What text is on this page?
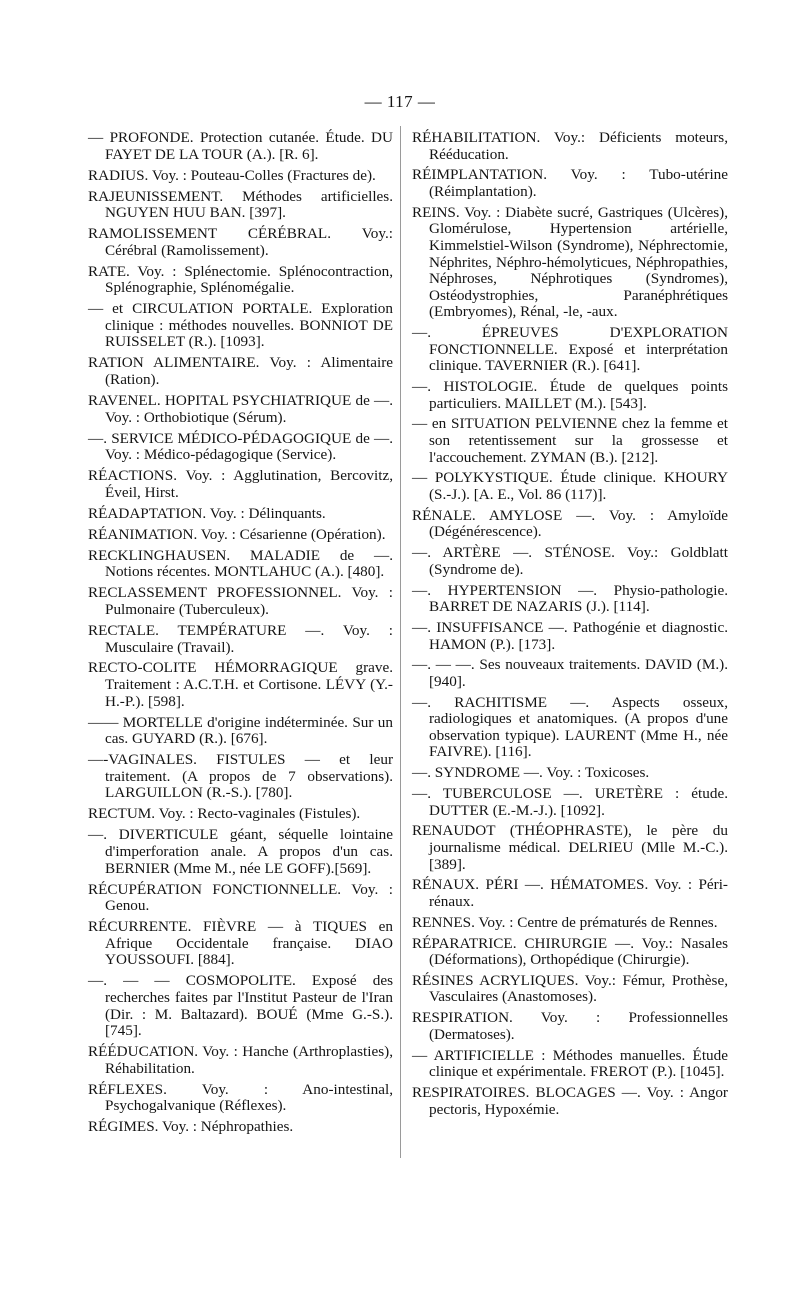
— 117 —

— PROFONDE. Protection cutanée. Étude. DU FAYET DE LA TOUR (A.). [R. 6].

RADIUS. Voy. : Pouteau-Colles (Fractures de).

RAJEUNISSEMENT. Méthodes artificielles. NGUYEN HUU BAN. [397].

RAMOLISSEMENT CÉRÉBRAL. Voy.: Cérébral (Ramolissement).

RATE. Voy. : Splénectomie. Splénocontraction, Splénographie, Splénomégalie.

— et CIRCULATION PORTALE. Exploration clinique : méthodes nouvelles. BONNIOT DE RUISSELET (R.). [1093].

RATION ALIMENTAIRE. Voy. : Alimentaire (Ration).

RAVENEL. HOPITAL PSYCHIATRIQUE de —. Voy. : Orthobiotique (Sérum).

—. SERVICE MÉDICO-PÉDAGOGIQUE de —. Voy. : Médico-pédagogique (Service).

RÉACTIONS. Voy. : Agglutination, Bercovitz, Éveil, Hirst.

RÉADAPTATION. Voy. : Délinquants.

RÉANIMATION. Voy. : Césarienne (Opération).

RECKLINGHAUSEN. MALADIE de —. Notions récentes. MONTLAHUC (A.). [480].

RECLASSEMENT PROFESSIONNEL. Voy. : Pulmonaire (Tuberculeux).

RECTALE. TEMPÉRATURE —. Voy. : Musculaire (Travail).

RECTO-COLITE HÉMORRAGIQUE grave. Traitement : A.C.T.H. et Cortisone. LÉVY (Y.-H.-P.). [598].

—— MORTELLE d'origine indéterminée. Sur un cas. GUYARD (R.). [676].

—-VAGINALES. FISTULES — et leur traitement. (A propos de 7 observations). LARGUILLON (R.-S.). [780].

RECTUM. Voy. : Recto-vaginales (Fistules).

—. DIVERTICULE géant, séquelle lointaine d'imperforation anale. A propos d'un cas. BERNIER (Mme M., née LE GOFF).[569].

RÉCUPÉRATION FONCTIONNELLE. Voy. : Genou.

RÉCURRENTE. FIÈVRE — à TIQUES en Afrique Occidentale française. DIAO YOUSSOUFI. [884].

—. — — COSMOPOLITE. Exposé des recherches faites par l'Institut Pasteur de l'Iran (Dir. : M. Baltazard). BOUÉ (Mme G.-S.). [745].

RÉÉDUCATION. Voy. : Hanche (Arthroplasties), Réhabilitation.

RÉFLEXES. Voy. : Ano-intestinal, Psychogalvanique (Réflexes).

RÉGIMES. Voy. : Néphropathies.

RÉHABILITATION. Voy.: Déficients moteurs, Rééducation.

RÉIMPLANTATION. Voy. : Tubo-utérine (Réimplantation).

REINS. Voy. : Diabète sucré, Gastriques (Ulcères), Glomérulose, Hypertension artérielle, Kimmelstiel-Wilson (Syndrome), Néphrectomie, Néphrites, Néphro-hémolyticues, Néphropathies, Néphroses, Néphrotiques (Syndromes), Ostéodystrophies, Paranéphrétiques (Embryomes), Rénal, -le, -aux.

—. ÉPREUVES D'EXPLORATION FONCTIONNELLE. Exposé et interprétation clinique. TAVERNIER (R.). [641].

—. HISTOLOGIE. Étude de quelques points particuliers. MAILLET (M.). [543].

— en SITUATION PELVIENNE chez la femme et son retentissement sur la grossesse et l'accouchement. ZYMAN (B.). [212].

— POLYKYSTIQUE. Étude clinique. KHOURY (S.-J.). [A. E., Vol. 86 (117)].

RÉNALE. AMYLOSE —. Voy. : Amyloïde (Dégénérescence).

—. ARTÈRE —. STÉNOSE. Voy.: Goldblatt (Syndrome de).

—. HYPERTENSION —. Physio-pathologie. BARRET DE NAZARIS (J.). [114].

—. INSUFFISANCE —. Pathogénie et diagnostic. HAMON (P.). [173].

—. — —. Ses nouveaux traitements. DAVID (M.). [940].

—. RACHITISME —. Aspects osseux, radiologiques et anatomiques. (A propos d'une observation typique). LAURENT (Mme H., née FAIVRE). [116].

—. SYNDROME —. Voy. : Toxicoses.

—. TUBERCULOSE —. URETÈRE : étude. DUTTER (E.-M.-J.). [1092].

RENAUDOT (THÉOPHRASTE), le père du journalisme médical. DELRIEU (Mlle M.-C.). [389].

RÉNAUX. PÉRI —. HÉMATOMES. Voy. : Péri-rénaux.

RENNES. Voy. : Centre de prématurés de Rennes.

RÉPARATRICE. CHIRURGIE —. Voy.: Nasales (Déformations), Orthopédique (Chirurgie).

RÉSINES ACRYLIQUES. Voy.: Fémur, Prothèse, Vasculaires (Anastomoses).

RESPIRATION. Voy. : Professionnelles (Dermatoses).

— ARTIFICIELLE : Méthodes manuelles. Étude clinique et expérimentale. FREROT (P.). [1045].

RESPIRATOIRES. BLOCAGES —. Voy. : Angor pectoris, Hypoxémie.
